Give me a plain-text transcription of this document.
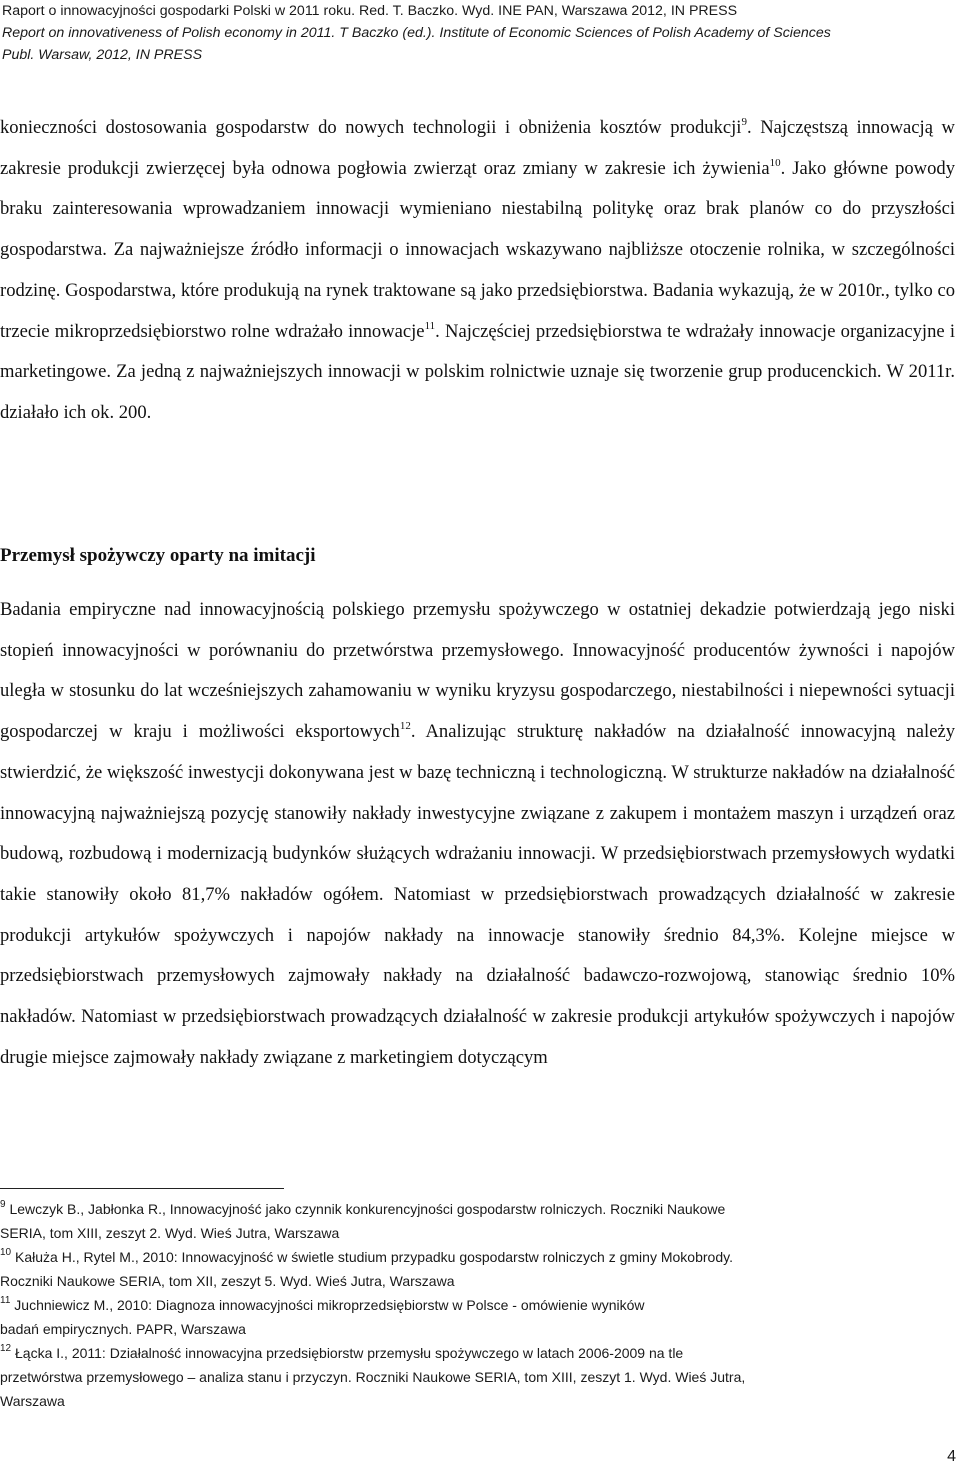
Raport o innowacyjności gospodarki Polski w 2011 roku. Red. T. Baczko. Wyd. INE PAN, Warszawa 2012, IN PRESS
Report on innovativeness of Polish economy in 2011. T Baczko (ed.). Institute of Economic Sciences of Polish Academy of Sciences
Publ. Warsaw, 2012, IN PRESS
konieczności dostosowania gospodarstw do nowych technologii i obniżenia kosztów produkcji$^9$. Najczęstszą innowacją w zakresie produkcji zwierzęcej była odnowa pogłowia zwierząt oraz zmiany w zakresie ich żywienia$^{10}$. Jako główne powody braku zainteresowania wprowadzaniem innowacji wymieniano niestabilną politykę oraz brak planów co do przyszłości gospodarstwa. Za najważniejsze źródło informacji o innowacjach wskazywano najbliższe otoczenie rolnika, w szczególności rodzinę. Gospodarstwa, które produkują na rynek traktowane są jako przedsiębiorstwa. Badania wykazują, że w 2010r., tylko co trzecie mikroprzedsiębiorstwo rolne wdrażało innowacje$^{11}$. Najczęściej przedsiębiorstwa te wdrażały innowacje organizacyjne i marketingowe. Za jedną z najważniejszych innowacji w polskim rolnictwie uznaje się tworzenie grup producenckich. W 2011r. działało ich ok. 200.
Przemysł spożywczy oparty na imitacji
Badania empiryczne nad innowacyjnością polskiego przemysłu spożywczego w ostatniej dekadzie potwierdzają jego niski stopień innowacyjności w porównaniu do przetwórstwa przemysłowego. Innowacyjność producentów żywności i napojów uległa w stosunku do lat wcześniejszych zahamowaniu w wyniku kryzysu gospodarczego, niestabilności i niepewności sytuacji gospodarczej w kraju i możliwości eksportowych$^{12}$. Analizując strukturę nakładów na działalność innowacyjną należy stwierdzić, że większość inwestycji dokonywana jest w bazę techniczną i technologiczną. W strukturze nakładów na działalność innowacyjną najważniejszą pozycję stanowiły nakłady inwestycyjne związane z zakupem i montażem maszyn i urządzeń oraz budową, rozbudową i modernizacją budynków służących wdrażaniu innowacji. W przedsiębiorstwach przemysłowych wydatki takie stanowiły około 81,7% nakładów ogółem. Natomiast w przedsiębiorstwach prowadzących działalność w zakresie produkcji artykułów spożywczych i napojów nakłady na innowacje stanowiły średnio 84,3%. Kolejne miejsce w przedsiębiorstwach przemysłowych zajmowały nakłady na działalność badawczo-rozwojową, stanowiąc średnio 10% nakładów. Natomiast w przedsiębiorstwach prowadzących działalność w zakresie produkcji artykułów spożywczych i napojów drugie miejsce zajmowały nakłady związane z marketingiem dotyczącym
$^9$ Lewczyk B., Jabłonka R., Innowacyjność jako czynnik konkurencyjności gospodarstw rolniczych. Roczniki Naukowe
SERIA, tom XIII, zeszyt 2. Wyd. Wieś Jutra, Warszawa
$^{10}$ Kałuża H., Rytel M., 2010: Innowacyjność w świetle studium przypadku gospodarstw rolniczych z gminy Mokobrody.
Roczniki Naukowe SERIA, tom XII, zeszyt 5. Wyd. Wieś Jutra, Warszawa
$^{11}$ Juchniewicz M., 2010: Diagnoza innowacyjności mikroprzedsiębiorstw w Polsce - omówienie wyników
badań empirycznych. PAPR, Warszawa
$^{12}$ Łącka I., 2011: Działalność innowacyjna przedsiębiorstw przemysłu spożywczego w latach 2006-2009 na tle
przetwórstwa przemysłowego – analiza stanu i przyczyn. Roczniki Naukowe SERIA, tom XIII, zeszyt 1. Wyd. Wieś Jutra,
Warszawa
4
